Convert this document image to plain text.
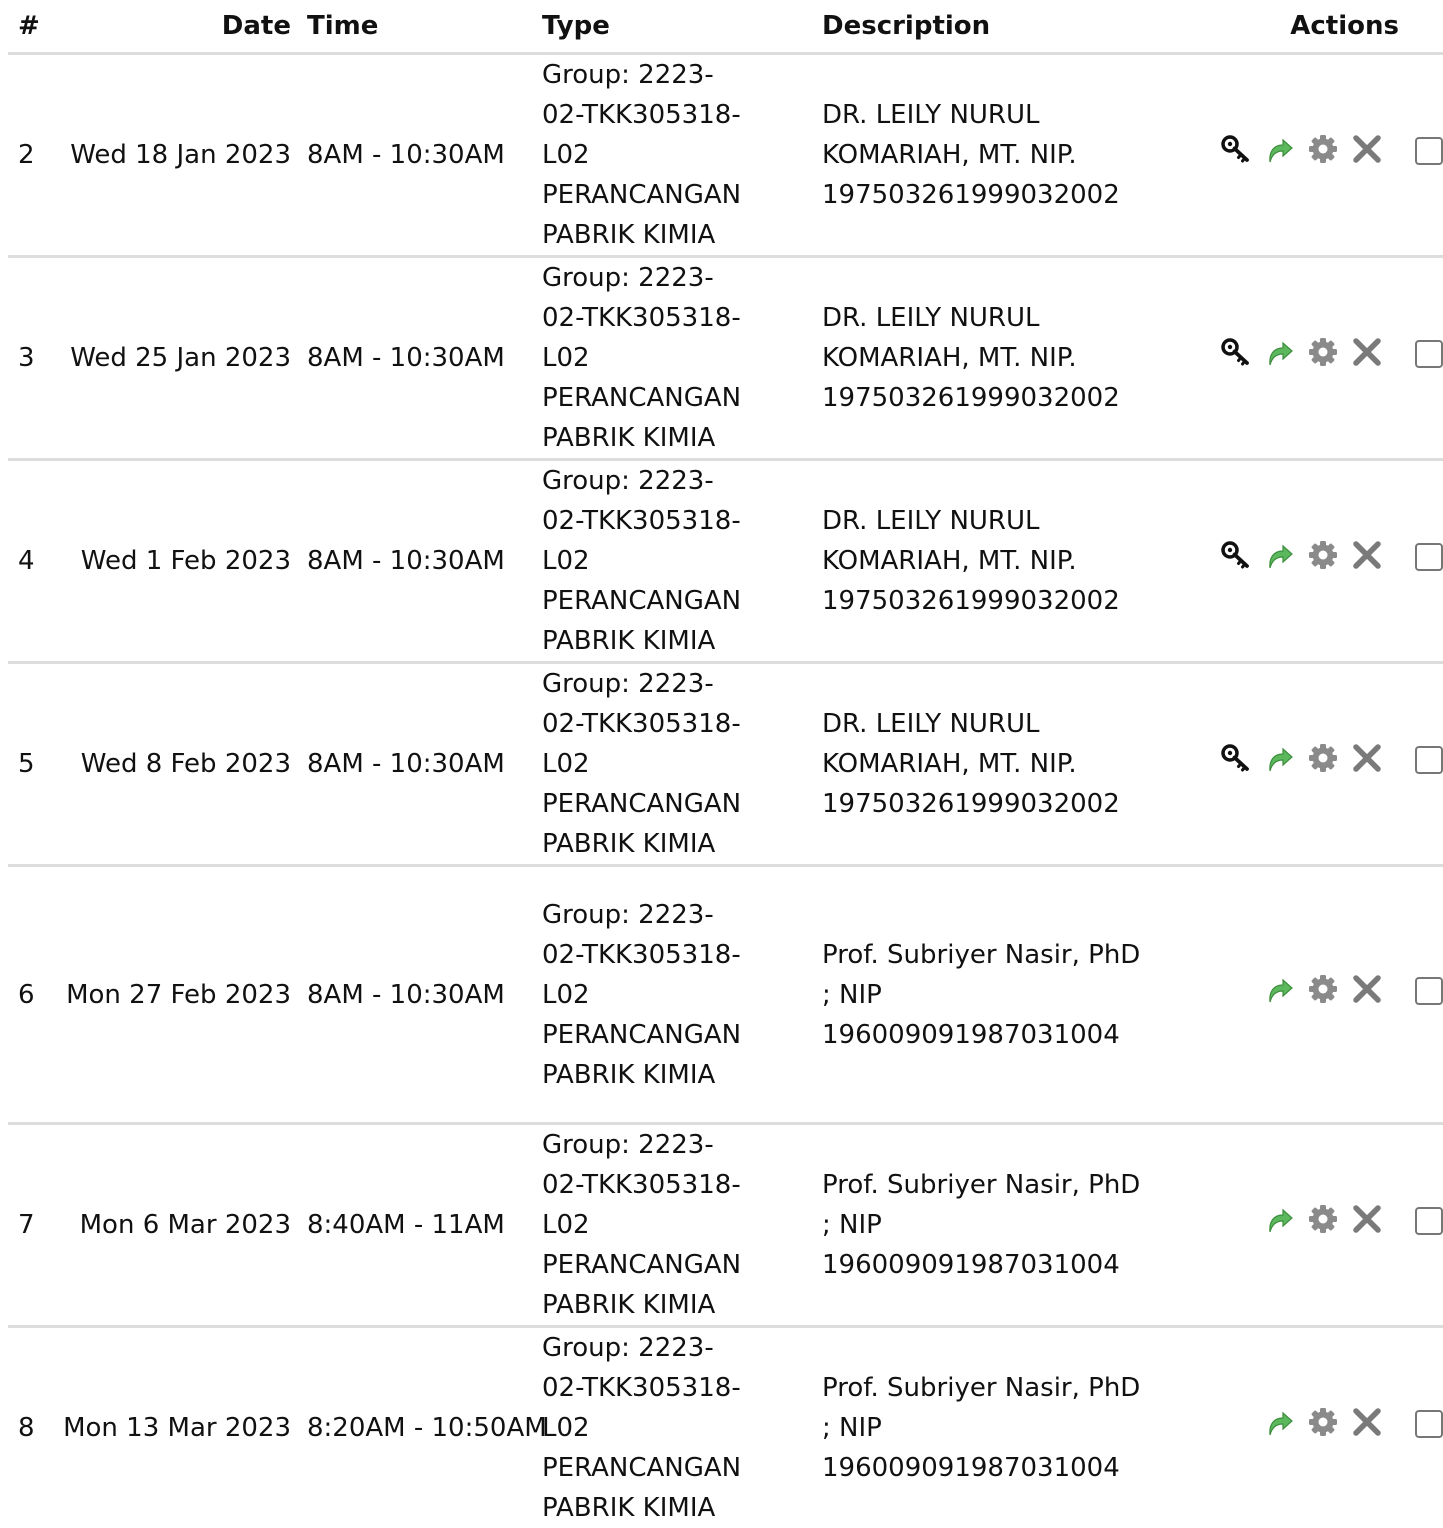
#	Date	Time	Type	Description	Actions
2	Wed 18 Jan 2023	8AM - 10:30AM	Group: 2223-02-TKK305318-L02 PERANCANGAN PABRIK KIMIA	DR. LEILY NURUL KOMARIAH, MT. NIP. 197503261999032002

3	Wed 25 Jan 2023	8AM - 10:30AM	Group: 2223-02-TKK305318-L02 PERANCANGAN PABRIK KIMIA	DR. LEILY NURUL KOMARIAH, MT. NIP. 197503261999032002

4	Wed 1 Feb 2023	8AM - 10:30AM	Group: 2223-02-TKK305318-L02 PERANCANGAN PABRIK KIMIA	DR. LEILY NURUL KOMARIAH, MT. NIP. 197503261999032002

5	Wed 8 Feb 2023	8AM - 10:30AM	Group: 2223-02-TKK305318-L02 PERANCANGAN PABRIK KIMIA	DR. LEILY NURUL KOMARIAH, MT. NIP. 197503261999032002

6	Mon 27 Feb 2023	8AM - 10:30AM	Group: 2223-02-TKK305318-L02 PERANCANGAN PABRIK KIMIA	Prof. Subriyer Nasir, PhD ; NIP 196009091987031004

7	Mon 6 Mar 2023	8:40AM - 11AM	Group: 2223-02-TKK305318-L02 PERANCANGAN PABRIK KIMIA	Prof. Subriyer Nasir, PhD ; NIP 196009091987031004

8	Mon 13 Mar 2023	8:20AM - 10:50AM	Group: 2223-02-TKK305318-L02 PERANCANGAN PABRIK KIMIA	Prof. Subriyer Nasir, PhD ; NIP 196009091987031004
